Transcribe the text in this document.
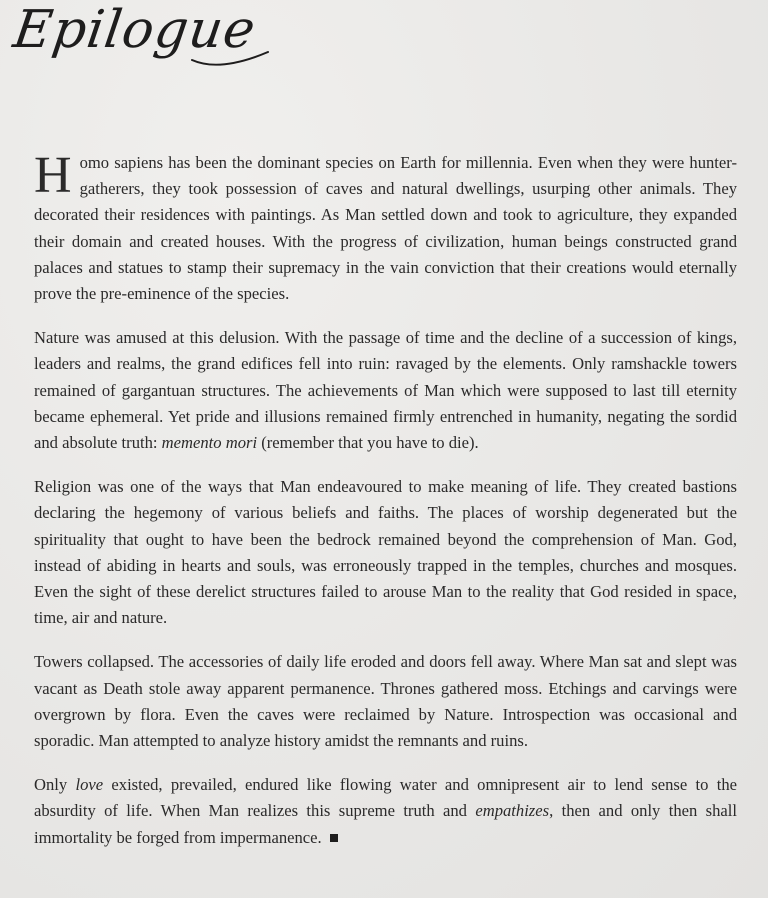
Epilogue

Homo sapiens has been the dominant species on Earth for millennia. Even when they were hunter-gatherers, they took possession of caves and natural dwellings, usurping other animals. They decorated their residences with paintings. As Man settled down and took to agriculture, they expanded their domain and created houses. With the progress of civilization, human beings constructed grand palaces and statues to stamp their supremacy in the vain conviction that their creations would eternally prove the pre-eminence of the species.

Nature was amused at this delusion. With the passage of time and the decline of a succession of kings, leaders and realms, the grand edifices fell into ruin: ravaged by the elements. Only ramshackle towers remained of gargantuan structures. The achievements of Man which were supposed to last till eternity became ephemeral. Yet pride and illusions remained firmly entrenched in humanity, negating the sordid and absolute truth: memento mori (remember that you have to die).

Religion was one of the ways that Man endeavoured to make meaning of life. They created bastions declaring the hegemony of various beliefs and faiths. The places of worship degenerated but the spirituality that ought to have been the bedrock remained beyond the comprehension of Man. God, instead of abiding in hearts and souls, was erroneously trapped in the temples, churches and mosques. Even the sight of these derelict structures failed to arouse Man to the reality that God resided in space, time, air and nature.

Towers collapsed. The accessories of daily life eroded and doors fell away. Where Man sat and slept was vacant as Death stole away apparent permanence. Thrones gathered moss. Etchings and carvings were overgrown by flora. Even the caves were reclaimed by Nature. Introspection was occasional and sporadic. Man attempted to analyze history amidst the remnants and ruins.

Only love existed, prevailed, endured like flowing water and omnipresent air to lend sense to the absurdity of life. When Man realizes this supreme truth and empathizes, then and only then shall immortality be forged from impermanence.
